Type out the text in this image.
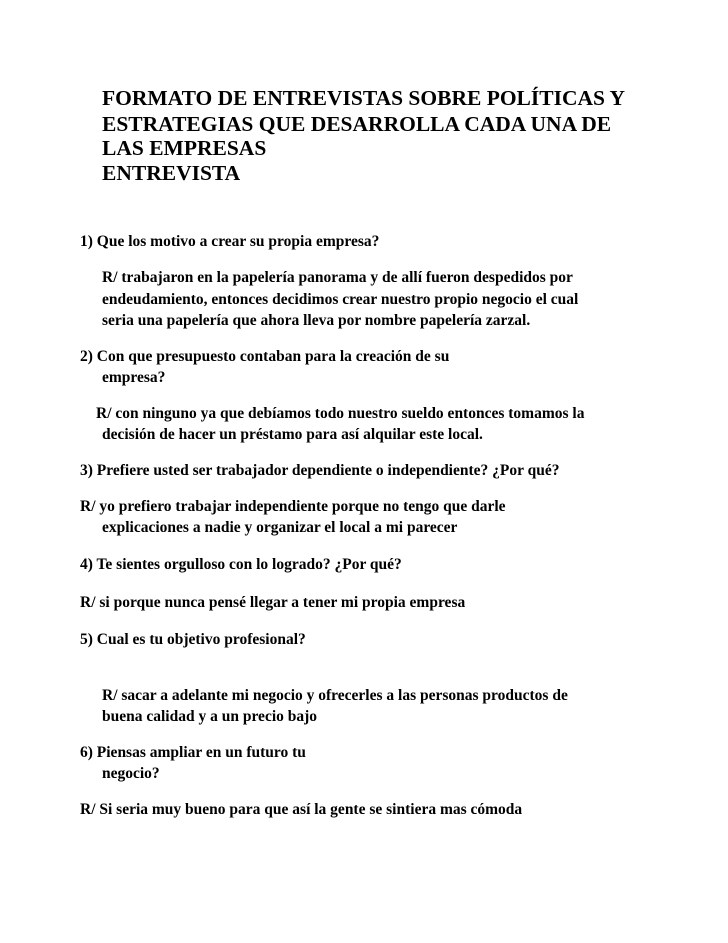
FORMATO DE ENTREVISTAS SOBRE POLÍTICAS Y
ESTRATEGIAS QUE DESARROLLA CADA UNA DE
LAS EMPRESAS
ENTREVISTA
1) Que los motivo a crear su propia empresa?
R/ trabajaron en la papelería panorama y de allí fueron despedidos por
endeudamiento, entonces decidimos crear nuestro propio negocio el cual
seria una papelería que ahora lleva por nombre papelería zarzal.
2) Con que presupuesto contaban para la creación de su
empresa?
R/ con ninguno ya que debíamos todo nuestro sueldo entonces tomamos la
decisión de hacer un préstamo para así alquilar este local.
3) Prefiere usted ser trabajador dependiente o independiente? ¿Por qué?
R/ yo prefiero trabajar independiente porque no tengo que darle
explicaciones a nadie y organizar el local a mi parecer
4) Te sientes orgulloso con lo logrado? ¿Por qué?
R/ si porque nunca pensé llegar a tener mi propia empresa
5) Cual es tu objetivo profesional?
R/ sacar a adelante mi negocio y ofrecerles a las personas productos de
buena calidad y a un precio bajo
6) Piensas ampliar en un futuro tu
negocio?
R/ Si seria muy bueno para que así la gente se sintiera mas cómoda
